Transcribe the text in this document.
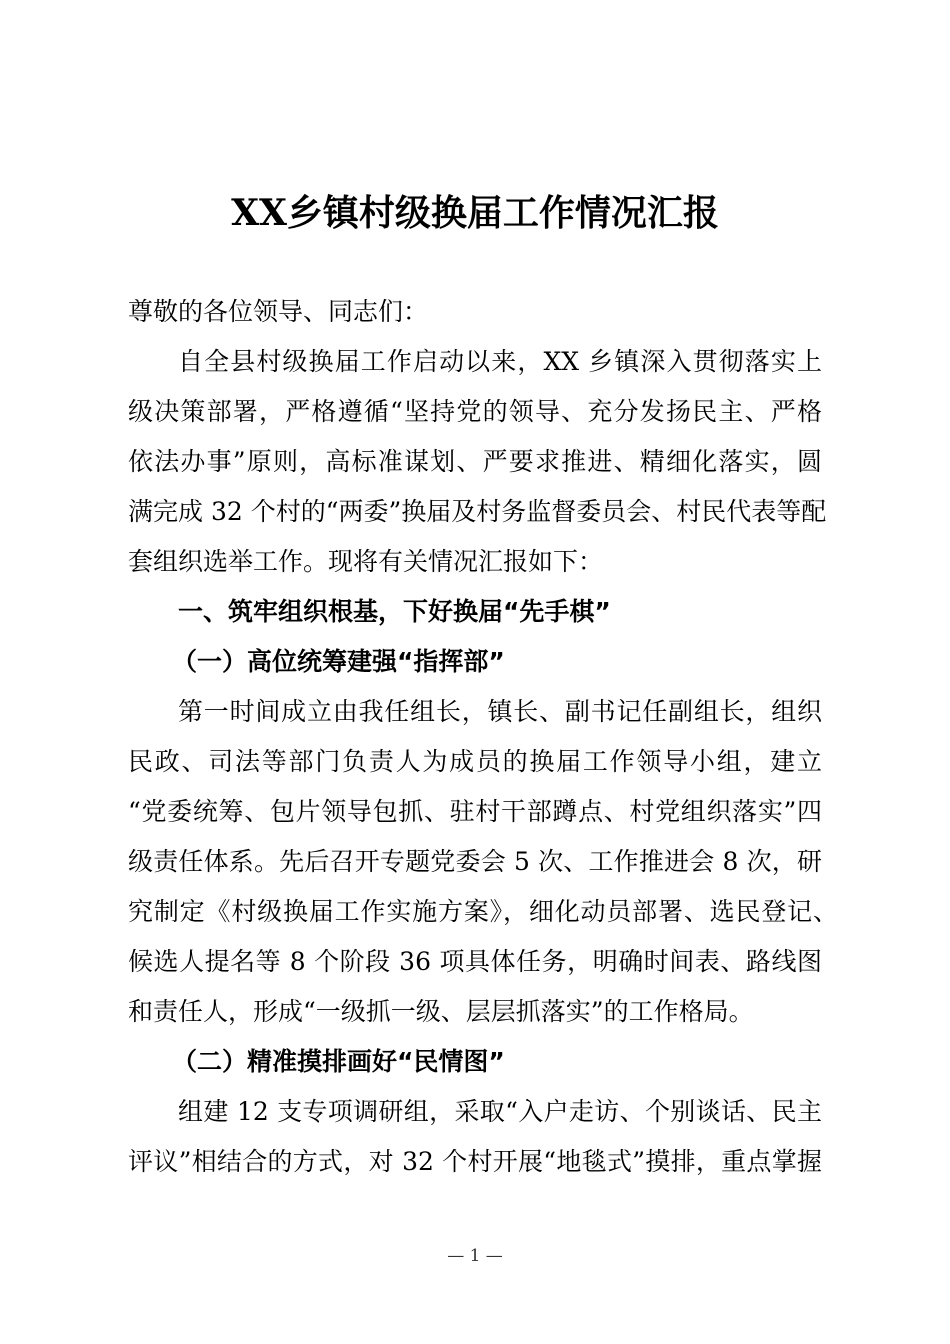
XX乡镇村级换届工作情况汇报
尊敬的各位领导、同志们：
自全县村级换届工作启动以来，XX 乡镇深入贯彻落实上
级决策部署，严格遵循“坚持党的领导、充分发扬民主、严格
依法办事”原则，高标准谋划、严要求推进、精细化落实，圆
满完成 32 个村的“两委”换届及村务监督委员会、村民代表等配
套组织选举工作。现将有关情况汇报如下：
一、筑牢组织根基，下好换届“先手棋”
（一）高位统筹建强“指挥部”
第一时间成立由我任组长，镇长、副书记任副组长，组织
民政、司法等部门负责人为成员的换届工作领导小组，建立
“党委统筹、包片领导包抓、驻村干部蹲点、村党组织落实”四
级责任体系。先后召开专题党委会 5 次、工作推进会 8 次，研
究制定《村级换届工作实施方案》，细化动员部署、选民登记、
候选人提名等 8 个阶段 36 项具体任务，明确时间表、路线图
和责任人，形成“一级抓一级、层层抓落实”的工作格局。
（二）精准摸排画好“民情图”
组建 12 支专项调研组，采取“入户走访、个别谈话、民主
评议”相结合的方式，对 32 个村开展“地毯式”摸排，重点掌握
— 1 —
